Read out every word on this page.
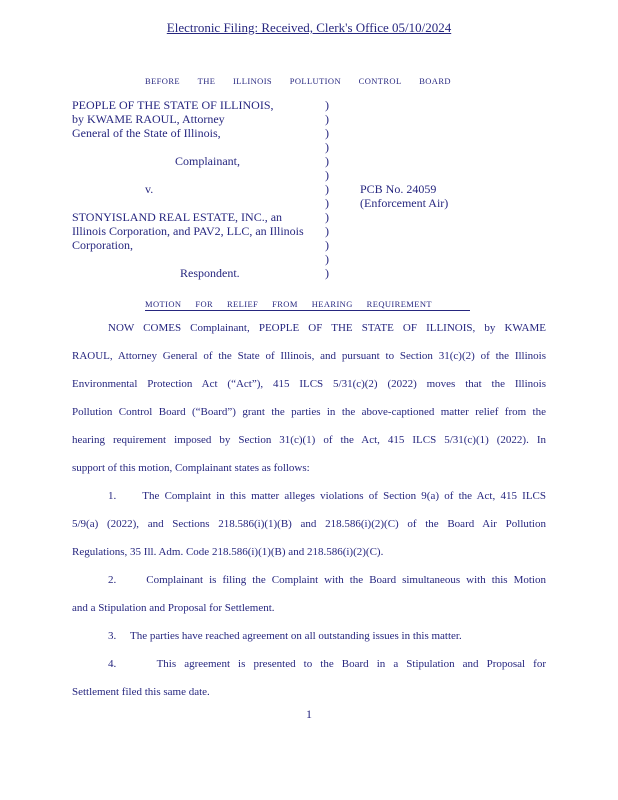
Electronic Filing: Received, Clerk's Office 05/10/2024
BEFORE THE ILLINOIS POLLUTION CONTROL BOARD
PEOPLE OF THE STATE OF ILLINOIS,	)
by KWAME RAOUL, Attorney	)
General of the State of Illinois,	)
)
Complainant,	)
)
v.	)	PCB No. 24059
)	(Enforcement Air)
STONYISLAND REAL ESTATE, INC., an	)
Illinois Corporation, and PAV2, LLC, an Illinois )
Corporation,	)
)
Respondent.	)
MOTION FOR RELIEF FROM HEARING REQUIREMENT
NOW COMES Complainant, PEOPLE OF THE STATE OF ILLINOIS, by KWAME
RAOUL, Attorney General of the State of Illinois, and pursuant to Section 31(c)(2) of the Illinois
Environmental Protection Act (“Act”), 415 ILCS 5/31(c)(2) (2022) moves that the Illinois
Pollution Control Board (“Board”) grant the parties in the above-captioned matter relief from the
hearing requirement imposed by Section 31(c)(1) of the Act, 415 ILCS 5/31(c)(1) (2022). In
support of this motion, Complainant states as follows:
1.     The Complaint in this matter alleges violations of Section 9(a) of the Act, 415 ILCS
5/9(a) (2022), and Sections 218.586(i)(1)(B) and 218.586(i)(2)(C) of the Board Air Pollution
Regulations, 35 Ill. Adm. Code 218.586(i)(1)(B) and 218.586(i)(2)(C).
2.     Complainant is filing the Complaint with the Board simultaneous with this Motion
and a Stipulation and Proposal for Settlement.
3.     The parties have reached agreement on all outstanding issues in this matter.
4.     This agreement is presented to the Board in a Stipulation and Proposal for
Settlement filed this same date.
1
